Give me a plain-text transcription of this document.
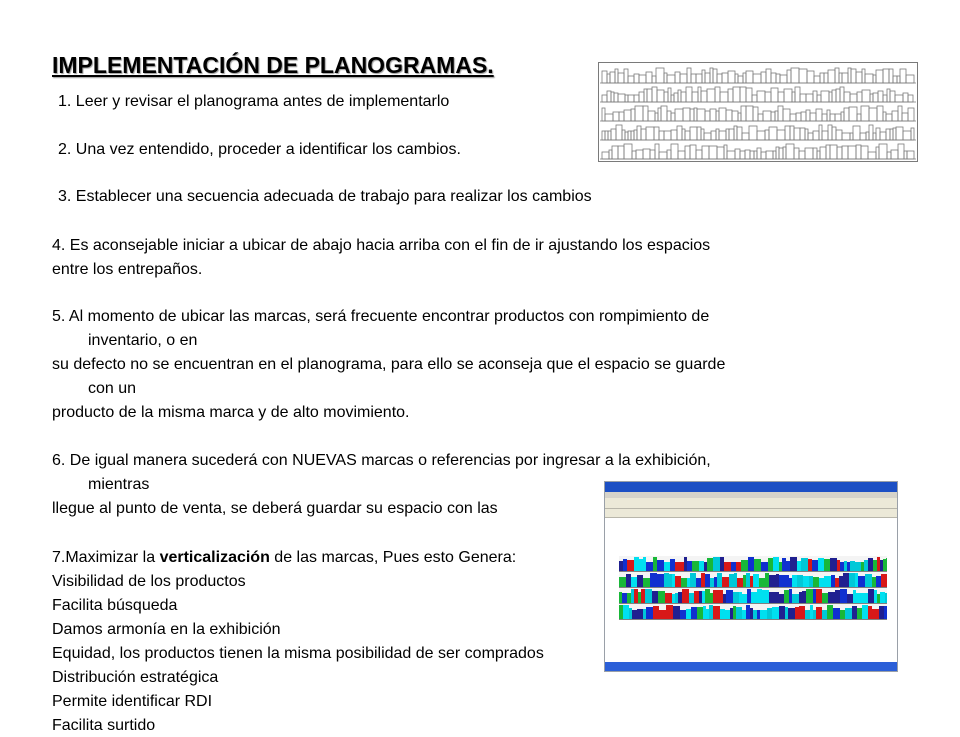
IMPLEMENTACIÓN DE PLANOGRAMAS.
1. Leer y revisar el planograma antes de implementarlo
2. Una vez entendido, proceder a identificar los cambios.
3. Establecer una secuencia adecuada de trabajo para realizar los cambios
4. Es aconsejable iniciar a ubicar de abajo hacia arriba con el fin de ir ajustando los espacios
entre los entrepaños.
5. Al momento de ubicar las marcas, será frecuente encontrar productos con rompimiento de
inventario, o en
su defecto no se encuentran en el planograma, para ello se aconseja que el espacio se guarde
con un
producto de la misma marca y de alto movimiento.
6. De igual manera sucederá con NUEVAS marcas o referencias por ingresar a la exhibición,
mientras
llegue al punto de venta, se deberá guardar su espacio con las
7.Maximizar la verticalización de las marcas, Pues esto Genera:
Visibilidad de los productos
Facilita búsqueda
Damos armonía en la exhibición
Equidad, los productos tienen la misma posibilidad de ser comprados
Distribución estratégica
Permite identificar RDI
Facilita surtido
